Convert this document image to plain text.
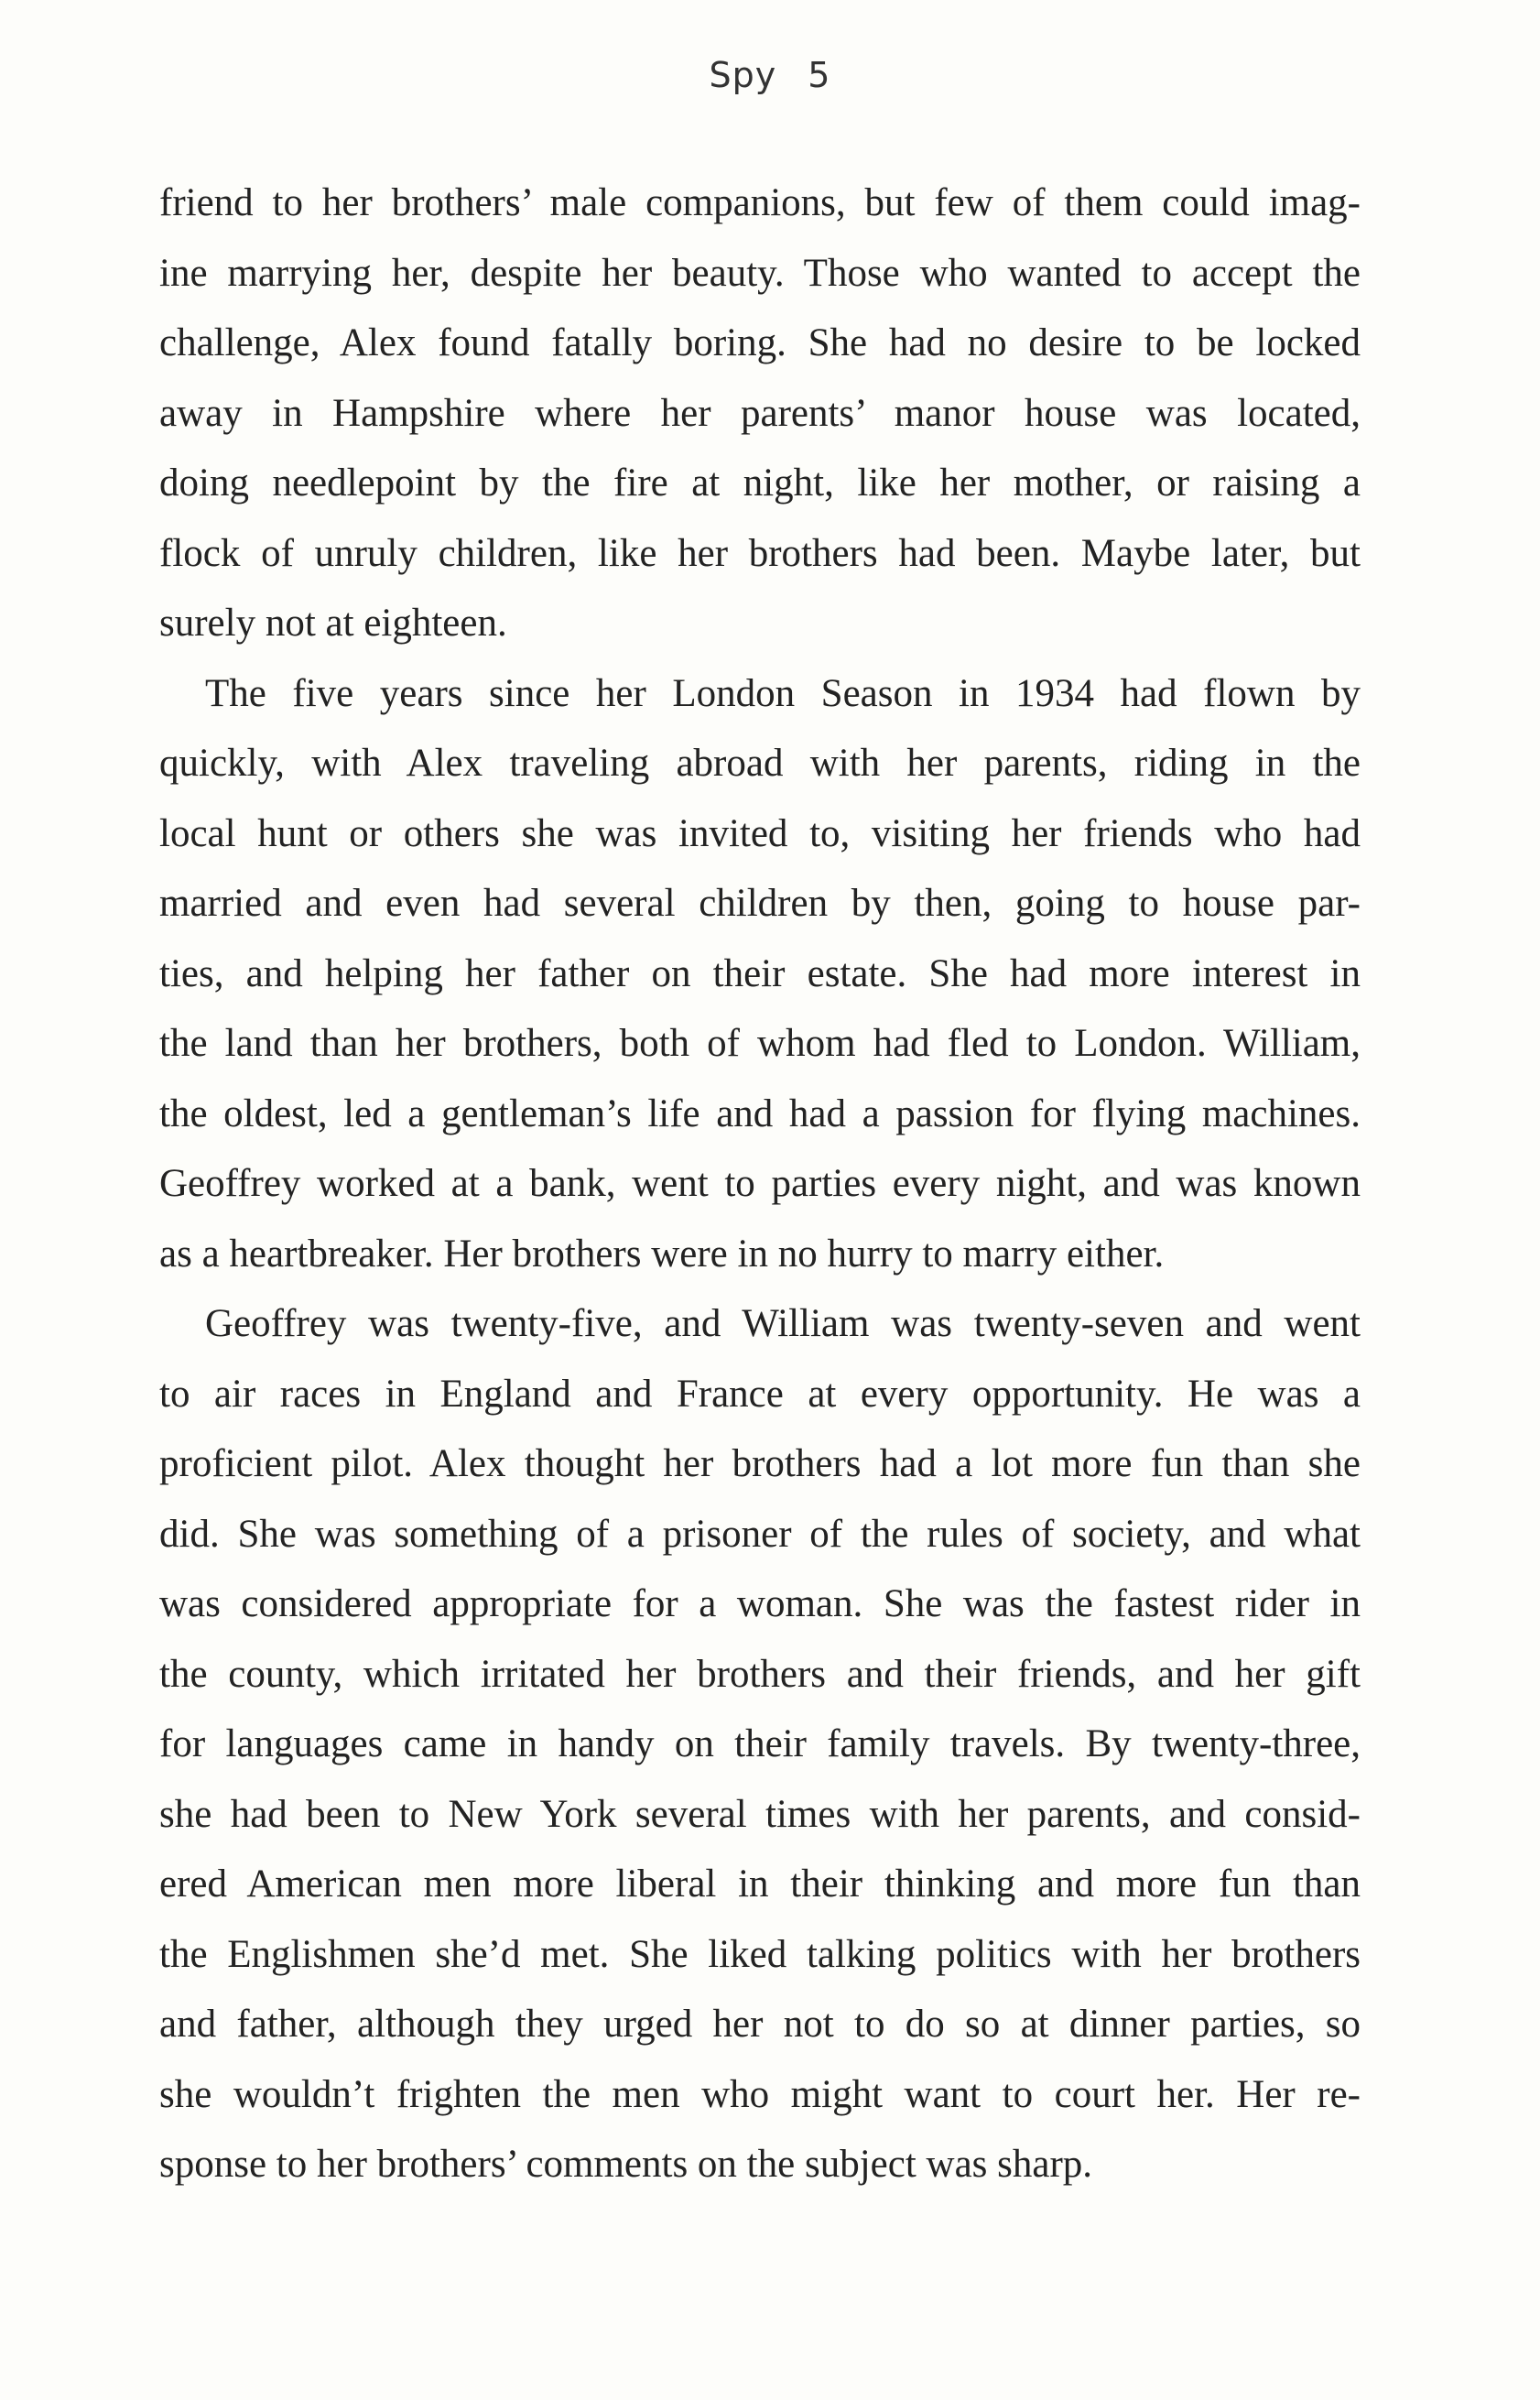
Spy 5

friend to her brothers’ male companions, but few of them could imag-
ine marrying her, despite her beauty. Those who wanted to accept the
challenge, Alex found fatally boring. She had no desire to be locked
away in Hampshire where her parents’ manor house was located,
doing needlepoint by the fire at night, like her mother, or raising a
flock of unruly children, like her brothers had been. Maybe later, but
surely not at eighteen.

The five years since her London Season in 1934 had flown by
quickly, with Alex traveling abroad with her parents, riding in the
local hunt or others she was invited to, visiting her friends who had
married and even had several children by then, going to house par-
ties, and helping her father on their estate. She had more interest in
the land than her brothers, both of whom had fled to London. William,
the oldest, led a gentleman’s life and had a passion for flying machines.
Geoffrey worked at a bank, went to parties every night, and was known
as a heartbreaker. Her brothers were in no hurry to marry either.

Geoffrey was twenty-five, and William was twenty-seven and went
to air races in England and France at every opportunity. He was a
proficient pilot. Alex thought her brothers had a lot more fun than she
did. She was something of a prisoner of the rules of society, and what
was considered appropriate for a woman. She was the fastest rider in
the county, which irritated her brothers and their friends, and her gift
for languages came in handy on their family travels. By twenty-three,
she had been to New York several times with her parents, and consid-
ered American men more liberal in their thinking and more fun than
the Englishmen she’d met. She liked talking politics with her brothers
and father, although they urged her not to do so at dinner parties, so
she wouldn’t frighten the men who might want to court her. Her re-
sponse to her brothers’ comments on the subject was sharp.
